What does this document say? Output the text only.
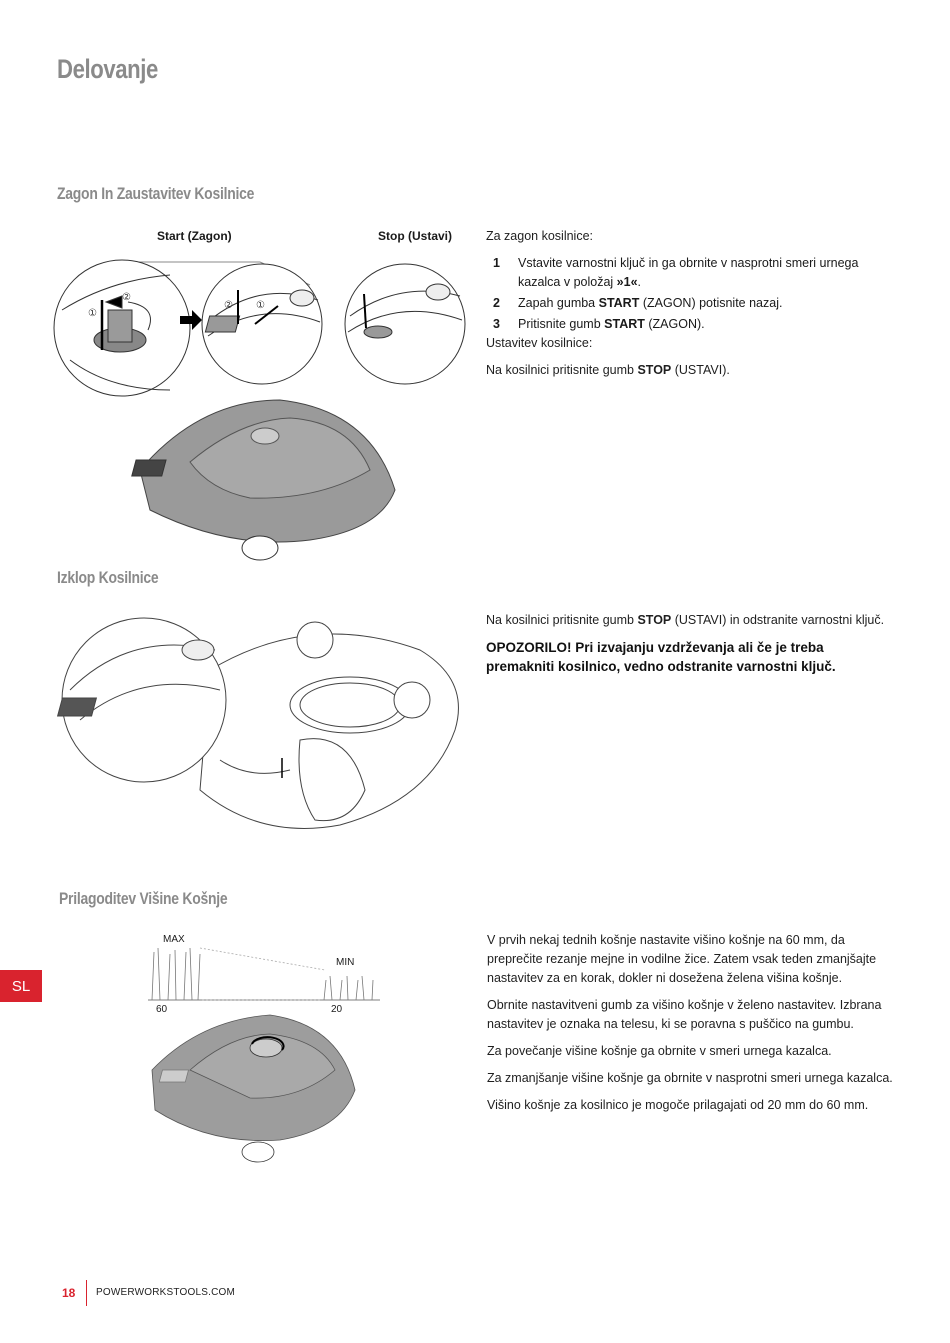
Delovanje
Zagon In Zaustavitev Kosilnice
Start (Zagon)	Stop (Ustavi)
①
②
② ①
Za zagon kosilnice:
1	Vstavite varnostni ključ in ga obrnite v nasprotni smeri urnega kazalca v položaj »1«.
2	Zapah gumba START (ZAGON) potisnite nazaj.
3	Pritisnite gumb START (ZAGON).
Ustavitev kosilnice:
Na kosilnici pritisnite gumb STOP (USTAVI).
Izklop Kosilnice
Na kosilnici pritisnite gumb STOP (USTAVI) in odstranite varnostni ključ.
OPOZORILO! Pri izvajanju vzdrževanja ali če je treba premakniti kosilnico, vedno odstranite varnostni ključ.
Prilagoditev Višine Košnje
MAX
MIN
60	20
V prvih nekaj tednih košnje nastavite višino košnje na 60 mm, da preprečite rezanje mejne in vodilne žice. Zatem vsak teden zmanjšajte nastavitev za en korak, dokler ni dosežena želena višina košnje.
Obrnite nastavitveni gumb za višino košnje v želeno nastavitev. Izbrana nastavitev je oznaka na telesu, ki se poravna s puščico na gumbu.
Za povečanje višine košnje ga obrnite v smeri urnega kazalca.
Za zmanjšanje višine košnje ga obrnite v nasprotni smeri urnega kazalca.
Višino košnje za kosilnico je mogoče prilagajati od 20 mm do 60 mm.
SL
18 POWERWORKSTOOLS.COM
